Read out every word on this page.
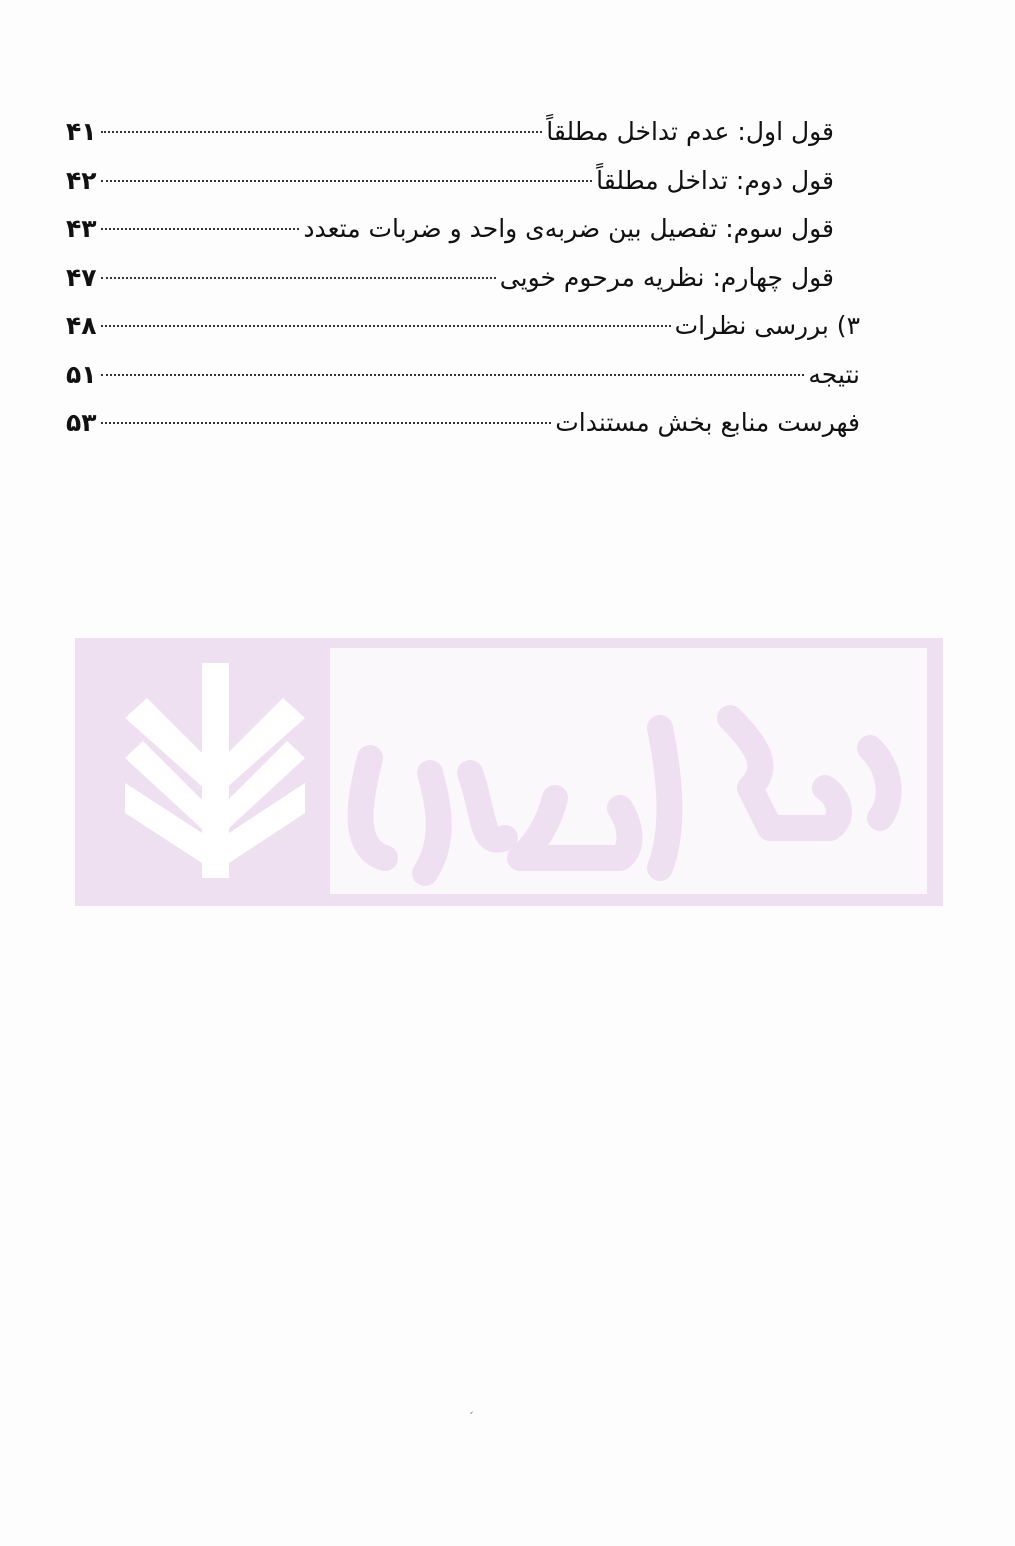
قول اول: عدم تداخل مطلقاً
۴۱
قول دوم: تداخل مطلقاً
۴۲
قول سوم: تفصیل بین ضربه‌ی واحد و ضربات متعدد
۴۳
قول چهارم: نظریه مرحوم خویی
۴۷
۳) بررسی نظرات
۴۸
نتیجه
۵۱
فهرست منابع بخش مستندات
۵۳
ˏ
